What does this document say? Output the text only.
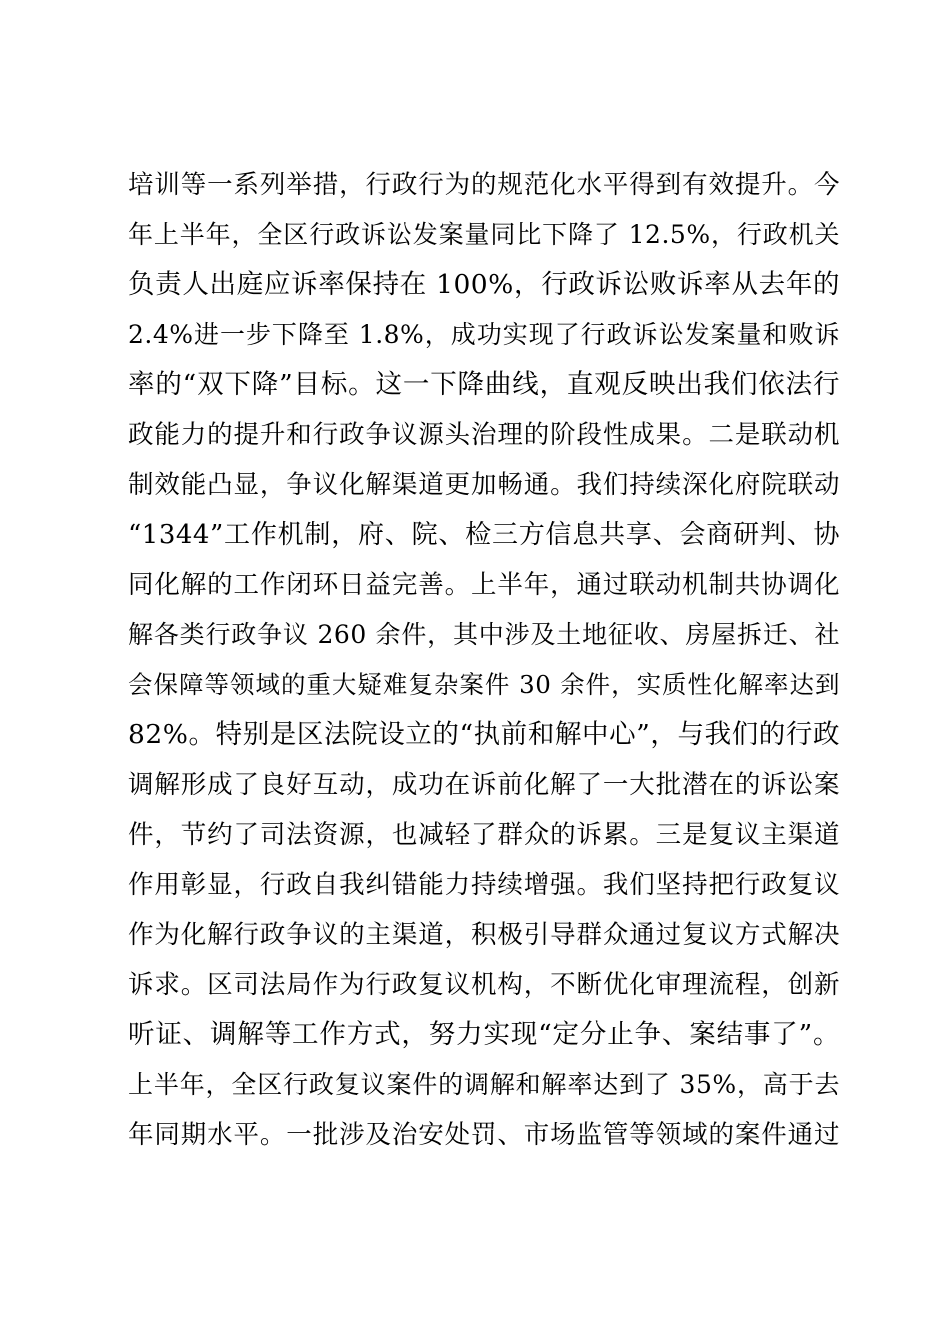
培训等一系列举措，行政行为的规范化水平得到有效提升。今
年上半年，全区行政诉讼发案量同比下降了 12.5%，行政机关
负责人出庭应诉率保持在 100%，行政诉讼败诉率从去年的
2.4%进一步下降至 1.8%，成功实现了行政诉讼发案量和败诉
率的“双下降”目标。这一下降曲线，直观反映出我们依法行
政能力的提升和行政争议源头治理的阶段性成果。二是联动机
制效能凸显，争议化解渠道更加畅通。我们持续深化府院联动
“1344”工作机制，府、院、检三方信息共享、会商研判、协
同化解的工作闭环日益完善。上半年，通过联动机制共协调化
解各类行政争议 260 余件，其中涉及土地征收、房屋拆迁、社
会保障等领域的重大疑难复杂案件 30 余件，实质性化解率达到
82%。特别是区法院设立的“执前和解中心”，与我们的行政
调解形成了良好互动，成功在诉前化解了一大批潜在的诉讼案
件，节约了司法资源，也减轻了群众的诉累。三是复议主渠道
作用彰显，行政自我纠错能力持续增强。我们坚持把行政复议
作为化解行政争议的主渠道，积极引导群众通过复议方式解决
诉求。区司法局作为行政复议机构，不断优化审理流程，创新
听证、调解等工作方式，努力实现“定分止争、案结事了”。
上半年，全区行政复议案件的调解和解率达到了 35%，高于去
年同期水平。一批涉及治安处罚、市场监管等领域的案件通过
